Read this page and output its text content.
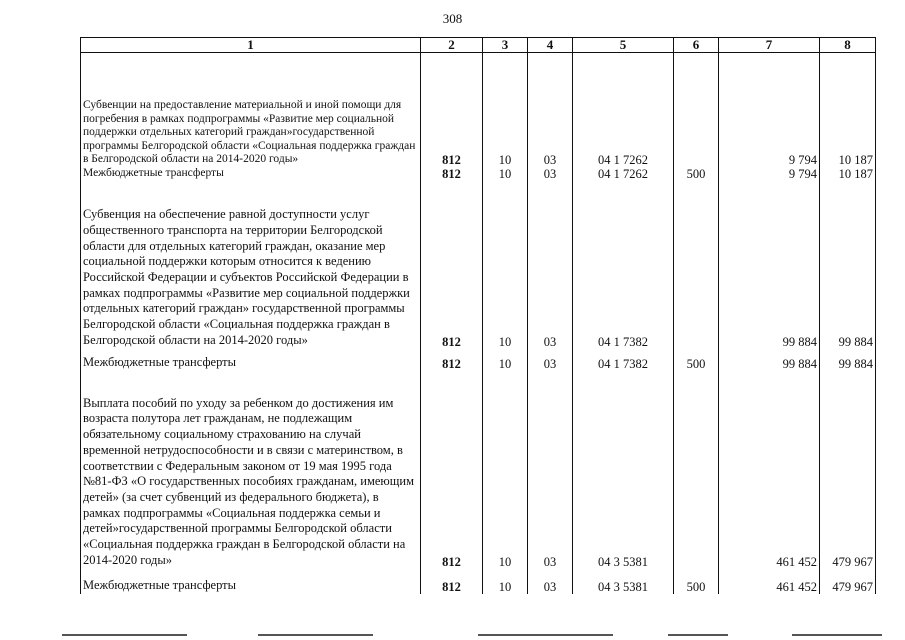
308
1	2	3	4	5	6	7	8
Субвенции на предоставление материальной и иной помощи для погребения в рамках подпрограммы «Развитие мер социальной поддержки отдельных категорий граждан»государственной программы Белгородской области «Социальная поддержка граждан в Белгородской области на 2014-2020 годы»	812	10	03	04 1 7262		9 794	10 187
Межбюджетные трансферты	812	10	03	04 1 7262	500	9 794	10 187
Субвенция на обеспечение равной доступности услуг общественного транспорта на территории Белгородской области для отдельных категорий граждан, оказание мер социальной поддержки которым относится к ведению Российской Федерации и субъектов Российской Федерации в рамках подпрограммы «Развитие мер социальной поддержки отдельных категорий граждан» государственной программы Белгородской области «Социальная поддержка граждан в Белгородской области на 2014-2020 годы»	812	10	03	04 1 7382		99 884	99 884
Межбюджетные трансферты	812	10	03	04 1 7382	500	99 884	99 884
Выплата пособий по уходу за ребенком до достижения им возраста полутора лет гражданам, не подлежащим обязательному социальному страхованию на случай временной нетрудоспособности и в связи с материнством, в соответствии с Федеральным законом от 19 мая 1995 года №81-ФЗ «О государственных пособиях гражданам, имеющим детей» (за счет субвенций из федерального бюджета), в рамках подпрограммы «Социальная поддержка семьи и детей»государственной программы Белгородской области «Социальная поддержка граждан в Белгородской области на 2014-2020 годы»	812	10	03	04 3 5381		461 452	479 967
Межбюджетные трансферты	812	10	03	04 3 5381	500	461 452	479 967
